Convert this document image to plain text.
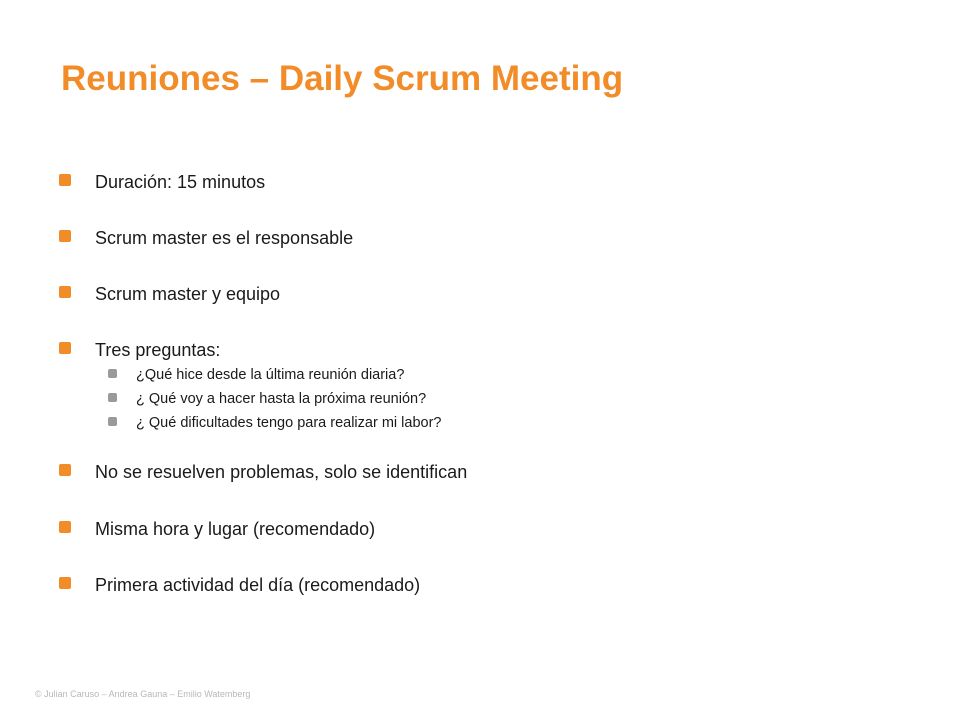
Reuniones – Daily Scrum Meeting
Duración: 15 minutos
Scrum master es el responsable
Scrum master y equipo
Tres preguntas:
¿Qué hice desde la última reunión diaria?
¿ Qué voy a hacer hasta la próxima reunión?
¿ Qué dificultades tengo para realizar mi labor?
No se resuelven problemas, solo se identifican
Misma hora y lugar (recomendado)
Primera actividad del día (recomendado)
© Julian Caruso – Andrea Gauna – Emilio Watemberg
